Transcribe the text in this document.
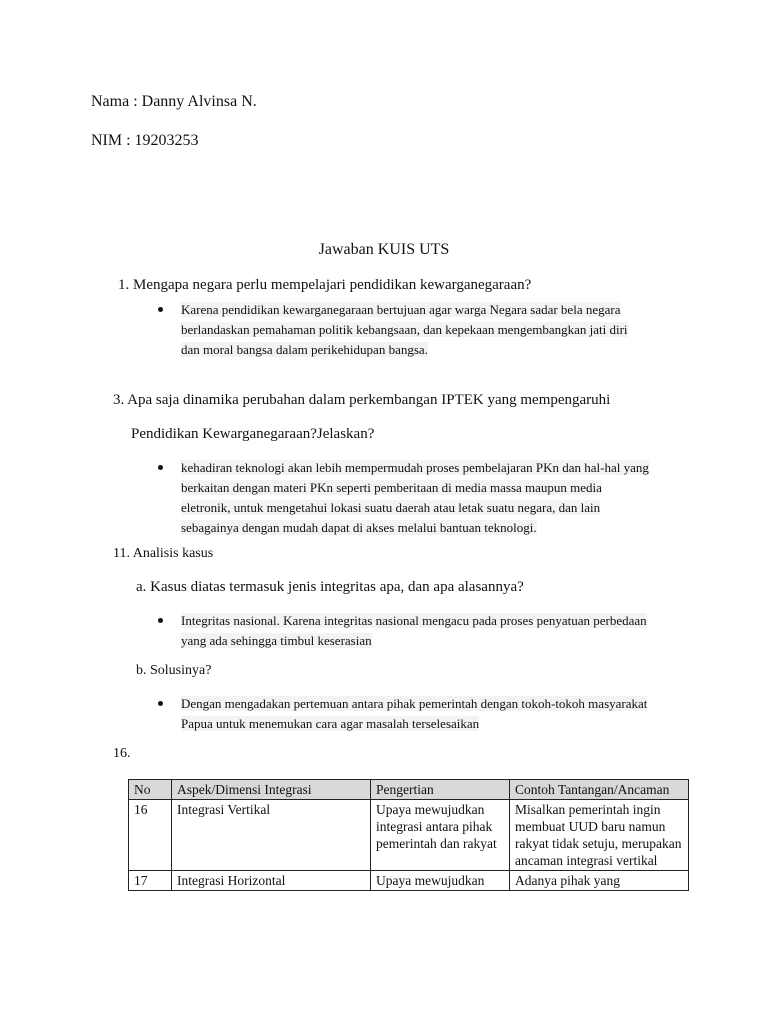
Nama : Danny Alvinsa N.
NIM : 19203253
Jawaban KUIS UTS
1. Mengapa negara perlu mempelajari pendidikan kewarganegaraan?
Karena pendidikan kewarganegaraan bertujuan agar warga Negara sadar bela negara
berlandaskan pemahaman politik kebangsaan, dan kepekaan mengembangkan jati diri
dan moral bangsa dalam perikehidupan bangsa.
3. Apa saja dinamika perubahan dalam perkembangan IPTEK yang mempengaruhi
Pendidikan Kewarganegaraan?Jelaskan?
kehadiran teknologi akan lebih mempermudah proses pembelajaran PKn dan hal-hal yang
berkaitan dengan materi PKn seperti pemberitaan di media massa maupun media
eletronik, untuk mengetahui lokasi suatu daerah atau letak suatu negara, dan lain
sebagainya dengan mudah dapat di akses melalui bantuan teknologi.
11. Analisis kasus
a. Kasus diatas termasuk jenis integritas apa, dan apa alasannya?
Integritas nasional. Karena integritas nasional mengacu pada proses penyatuan perbedaan
yang ada sehingga timbul keserasian
b. Solusinya?
Dengan mengadakan pertemuan antara pihak pemerintah dengan tokoh-tokoh masyarakat
Papua untuk menemukan cara agar masalah terselesaikan
16.
No	Aspek/Dimensi Integrasi	Pengertian	Contoh Tantangan/Ancaman
16	Integrasi Vertikal	Upaya mewujudkan integrasi antara pihak pemerintah dan rakyat	Misalkan pemerintah ingin membuat UUD baru namun rakyat tidak setuju, merupakan ancaman integrasi vertikal
17	Integrasi Horizontal	Upaya mewujudkan	Adanya pihak yang
